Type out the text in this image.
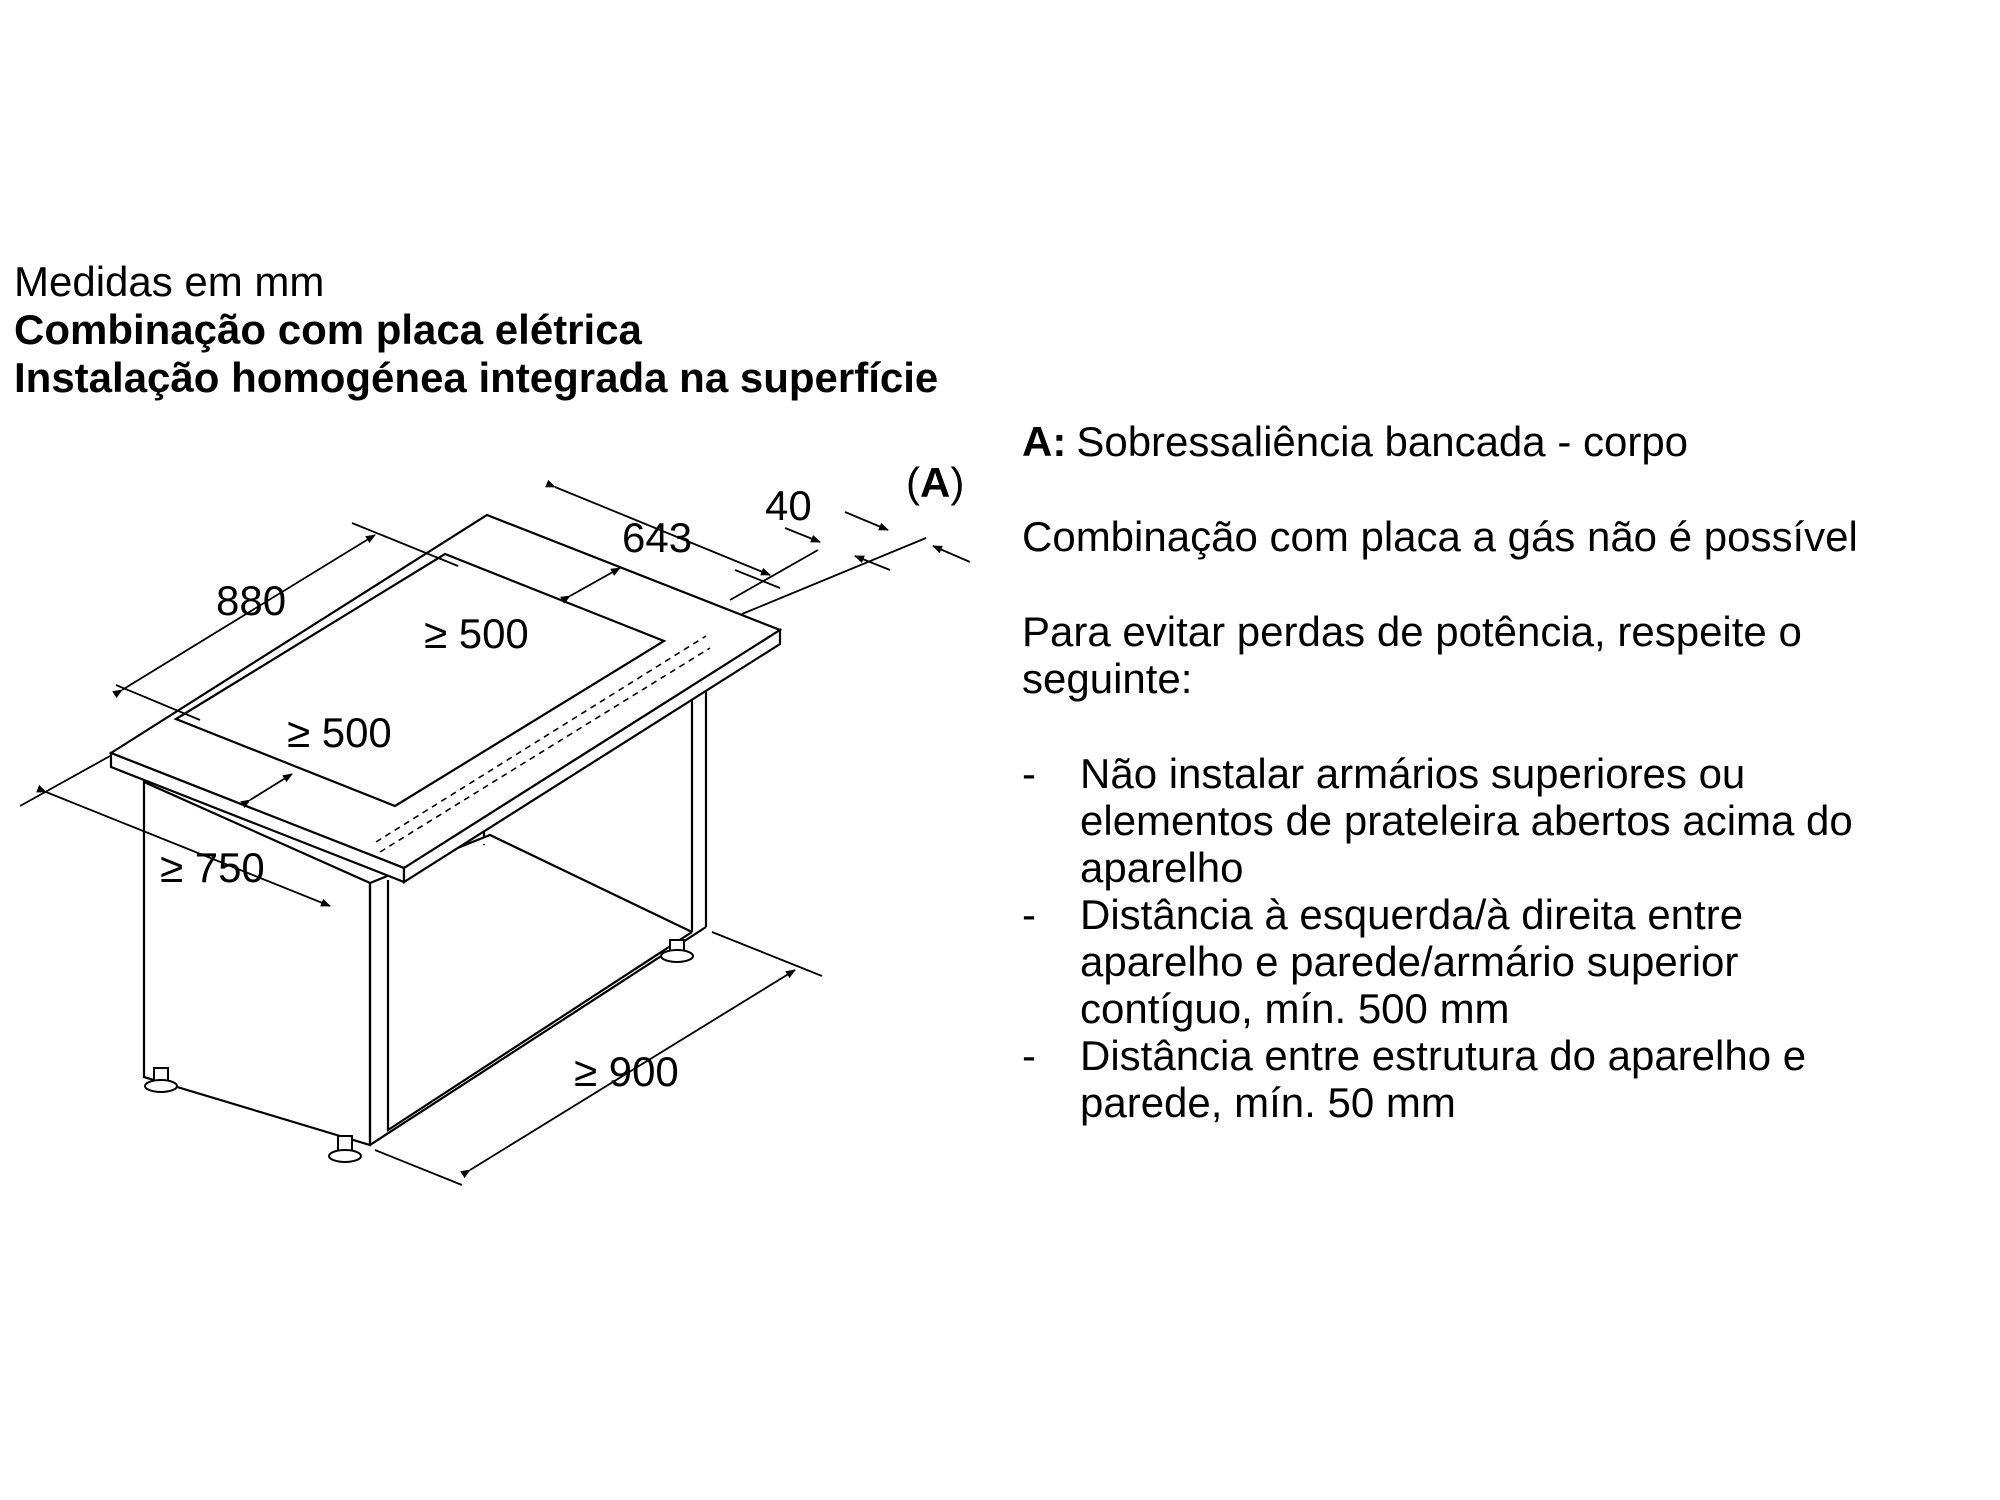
Medidas em mm
Combinação com placa elétrica
Instalação homogénea integrada na superfície
880
643
40 (A)
≥ 500
≥ 500
≥ 750
≥ 900

A: Sobressaliência bancada - corpo

Combinação com placa a gás não é possível

Para evitar perdas de potência, respeite o seguinte:

-	Não instalar armários superiores ou elementos de prateleira abertos acima do aparelho
-	Distância à esquerda/à direita entre aparelho e parede/armário superior contíguo, mín. 500 mm
-	Distância entre estrutura do aparelho e parede, mín. 50 mm
